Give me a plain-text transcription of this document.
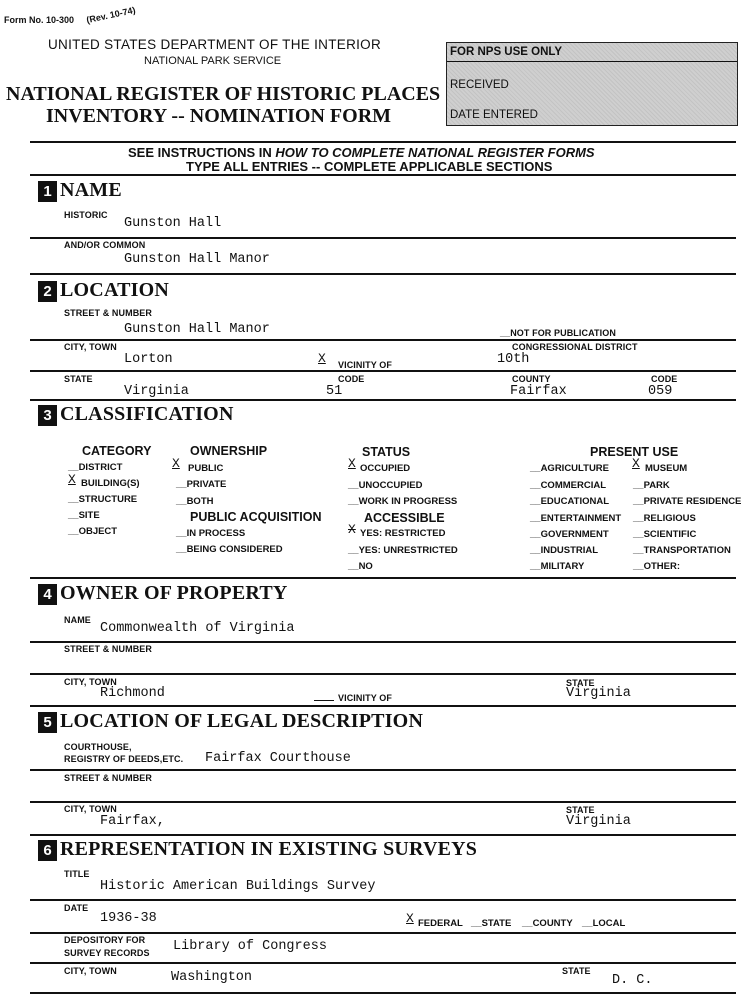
Form No. 10-300 (Rev. 10-74)
UNITED STATES DEPARTMENT OF THE INTERIOR
NATIONAL PARK SERVICE
NATIONAL REGISTER OF HISTORIC PLACES
INVENTORY -- NOMINATION FORM
FOR NPS USE ONLY
RECEIVED
DATE ENTERED
SEE INSTRUCTIONS IN HOW TO COMPLETE NATIONAL REGISTER FORMS
TYPE ALL ENTRIES -- COMPLETE APPLICABLE SECTIONS
1 NAME
HISTORIC
Gunston Hall
AND/OR COMMON
Gunston Hall Manor
2 LOCATION
STREET & NUMBER
Gunston Hall Manor	__NOT FOR PUBLICATION
CITY, TOWN
Lorton	X VICINITY OF
CONGRESSIONAL DISTRICT
10th
STATE
Virginia
CODE
51
COUNTY
Fairfax
CODE
059
3 CLASSIFICATION
CATEGORY	OWNERSHIP	STATUS	PRESENT USE
__DISTRICT
X BUILDING(S)
__STRUCTURE
__SITE
__OBJECT
X PUBLIC
__PRIVATE
__BOTH
PUBLIC ACQUISITION
__IN PROCESS
__BEING CONSIDERED
X OCCUPIED
__UNOCCUPIED
__WORK IN PROGRESS
ACCESSIBLE
X YES: RESTRICTED
__YES: UNRESTRICTED
__NO
__AGRICULTURE
__COMMERCIAL
__EDUCATIONAL
__ENTERTAINMENT
__GOVERNMENT
__INDUSTRIAL
__MILITARY
X MUSEUM
__PARK
__PRIVATE RESIDENCE
__RELIGIOUS
__SCIENTIFIC
__TRANSPORTATION
__OTHER:
4 OWNER OF PROPERTY
NAME
Commonwealth of Virginia
STREET & NUMBER
CITY, TOWN
Richmond	VICINITY OF
STATE
Virginia
5 LOCATION OF LEGAL DESCRIPTION
COURTHOUSE,
REGISTRY OF DEEDS,ETC. Fairfax Courthouse
STREET & NUMBER
CITY, TOWN
Fairfax,
STATE
Virginia
6 REPRESENTATION IN EXISTING SURVEYS
TITLE
Historic American Buildings Survey
DATE
1936-38	X FEDERAL __STATE __COUNTY __LOCAL
DEPOSITORY FOR
SURVEY RECORDS Library of Congress
CITY, TOWN	Washington	STATE
D. C.
